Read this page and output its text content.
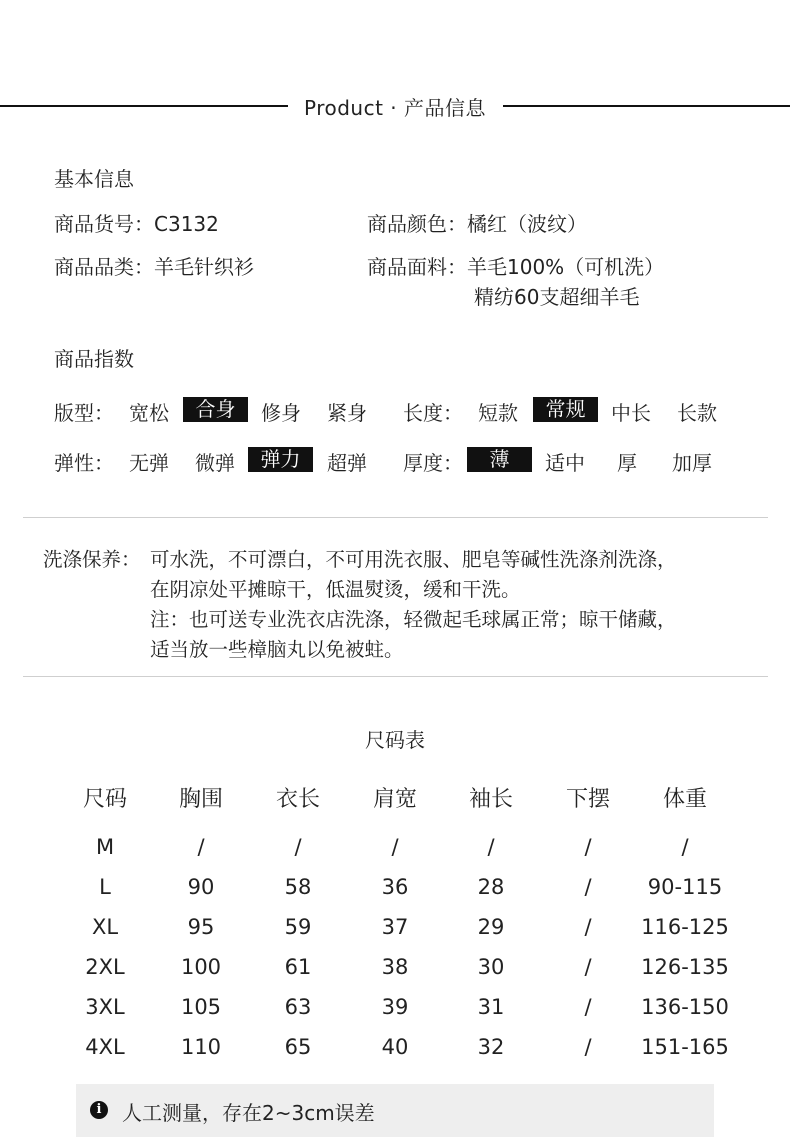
Product · 产品信息
基本信息
商品货号：C3132	商品颜色：橘红（波纹）
商品品类：羊毛针织衫	商品面料：羊毛100%（可机洗）
精纺60支超细羊毛
商品指数
版型： 宽松	合身	修身 紧身 长度： 短款	常规	中长 长款
弹性： 无弹 微弹	弹力	超弹 厚度：	薄	适中 厚 加厚
洗涤保养： 可水洗，不可漂白，不可用洗衣服、肥皂等碱性洗涤剂洗涤，
在阴凉处平摊晾干，低温熨烫，缓和干洗。
注：也可送专业洗衣店洗涤，轻微起毛球属正常；晾干储藏，
适当放一些樟脑丸以免被蛀。
尺码表
尺码	胸围	衣长	肩宽	袖长	下摆	体重
M	/	/	/	/	/	/
L	90	58	36	28	/	90-115
XL	95	59	37	29	/	116-125
2XL	100	61	38	30	/	126-135
3XL	105	63	39	31	/	136-150
4XL	110	65	40	32	/	151-165
i	人工测量，存在2~3cm误差
